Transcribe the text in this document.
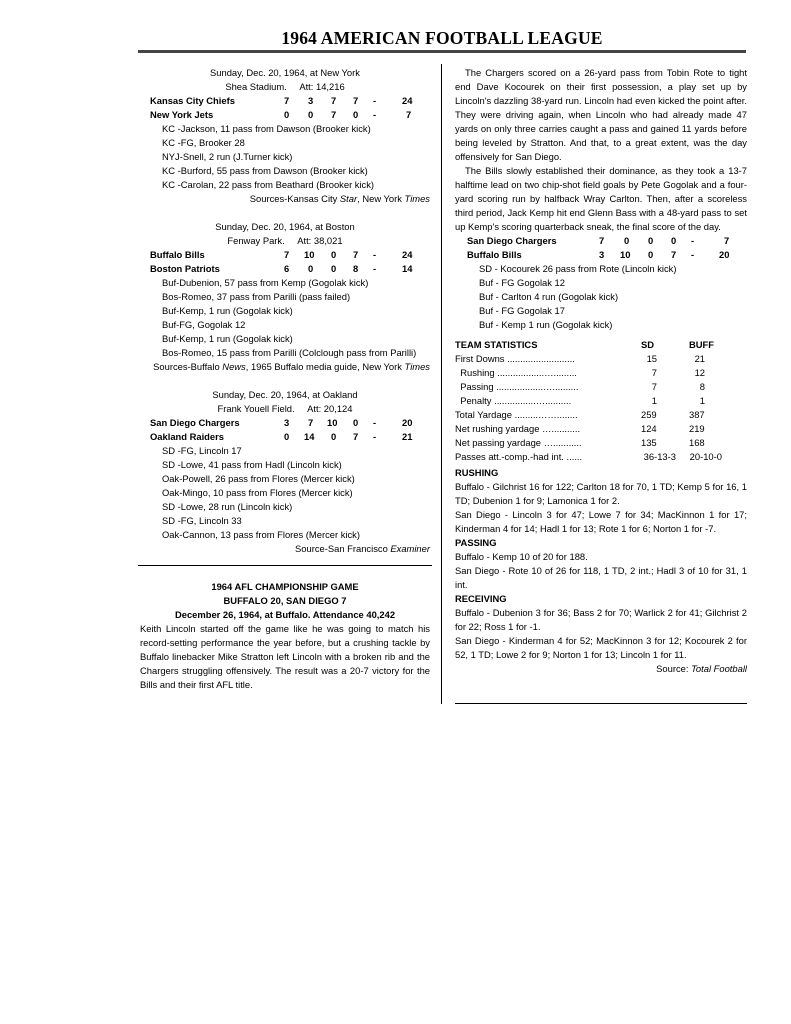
1964 AMERICAN FOOTBALL LEAGUE
Sunday, Dec. 20, 1964, at New York
Shea Stadium.     Att: 14,216
Kansas City Chiefs	7 3 7 7 -	24
New York Jets	0 0 7 0 -	7
KC -Jackson, 11 pass from Dawson (Brooker kick)
KC -FG, Brooker 28
NYJ-Snell, 2 run (J.Turner kick)
KC -Burford, 55 pass from Dawson (Brooker kick)
KC -Carolan, 22 pass from Beathard (Brooker kick)
Sources-Kansas City Star, New York Times
Sunday, Dec. 20, 1964, at Boston
Fenway Park.     Att: 38,021
Buffalo Bills	7 10 0 7 -	24
Boston Patriots	6 0 0 8 -	14
Buf-Dubenion, 57 pass from Kemp (Gogolak kick)
Bos-Romeo, 37 pass from Parilli (pass failed)
Buf-Kemp, 1 run (Gogolak kick)
Buf-FG, Gogolak 12
Buf-Kemp, 1 run (Gogolak kick)
Bos-Romeo, 15 pass from Parilli (Colclough pass from Parilli)
Sources-Buffalo News, 1965 Buffalo media guide, New York Times
Sunday, Dec. 20, 1964, at Oakland
Frank Youell Field.     Att: 20,124
San Diego Chargers	3 7 10 0 -	20
Oakland Raiders	0 14 0 7 -	21
SD -FG, Lincoln 17
SD -Lowe, 41 pass from Hadl (Lincoln kick)
Oak-Powell, 26 pass from Flores (Mercer kick)
Oak-Mingo, 10 pass from Flores (Mercer kick)
SD -Lowe, 28 run (Lincoln kick)
SD -FG, Lincoln 33
Oak-Cannon, 13 pass from Flores (Mercer kick)
Source-San Francisco Examiner
1964 AFL CHAMPIONSHIP GAME
BUFFALO 20, SAN DIEGO 7
December 26, 1964, at Buffalo. Attendance 40,242
Keith Lincoln started off the game like he was going to match his record-setting performance the year before, but a crushing tackle by Buffalo linebacker Mike Stratton left Lincoln with a broken rib and the Chargers struggling offensively. The result was a 20-7 victory for the Bills and their first AFL title.
The Chargers scored on a 26-yard pass from Tobin Rote to tight end Dave Kocourek on their first possession, a play set up by Lincoln's dazzling 38-yard run. Lincoln had even kicked the point after. They were driving again, when Lincoln who had already made 47 yards on only three carries caught a pass and gained 11 yards before being leveled by Stratton. And that, to a great extent, was the day offensively for San Diego.
The Bills slowly established their dominance, as they took a 13-7 halftime lead on two chip-shot field goals by Pete Gogolak and a four-yard scoring run by halfback Wray Carlton. Then, after a scoreless third period, Jack Kemp hit end Glenn Bass with a 48-yard pass to set up Kemp's scoring quarterback sneak, the final score of the day.
San Diego Chargers	7 0 0 0 -	7
Buffalo Bills	3 10 0 7 -	20
SD - Kocourek 26 pass from Rote (Lincoln kick)
Buf - FG Gogolak 12
Buf - Carlton 4 run (Gogolak kick)
Buf - FG Gogolak 17
Buf - Kemp 1 run (Gogolak kick)
TEAM STATISTICS	SD	BUFF
First Downs ..........................	15	21
Rushing ..................….........	7	12
Passing ..................…..........	7	8
Penalty ................…..........	1	1
Total Yardage .........……........	259	387
Net rushing yardage …...........	124	219
Net passing yardage …...........	135	168
Passes att.-comp.-had int. ......	36-13-3 20-10-0
RUSHING
Buffalo - Gilchrist 16 for 122; Carlton 18 for 70, 1 TD; Kemp 5 for 16, 1 TD; Dubenion 1 for 9; Lamonica 1 for 2.
San Diego - Lincoln 3 for 47; Lowe 7 for 34; MacKinnon 1 for 17; Kinderman 4 for 14; Hadl 1 for 13; Rote 1 for 6; Norton 1 for -7.
PASSING
Buffalo - Kemp 10 of 20 for 188.
San Diego - Rote 10 of 26 for 118, 1 TD, 2 int.; Hadl 3 of 10 for 31, 1 int.
RECEIVING
Buffalo - Dubenion 3 for 36; Bass 2 for 70; Warlick 2 for 41; Gilchrist 2 for 22; Ross 1 for -1.
San Diego - Kinderman 4 for 52; MacKinnon 3 for 12; Kocourek 2 for 52, 1 TD; Lowe 2 for 9; Norton 1 for 13; Lincoln 1 for 11.
Source: Total Football
